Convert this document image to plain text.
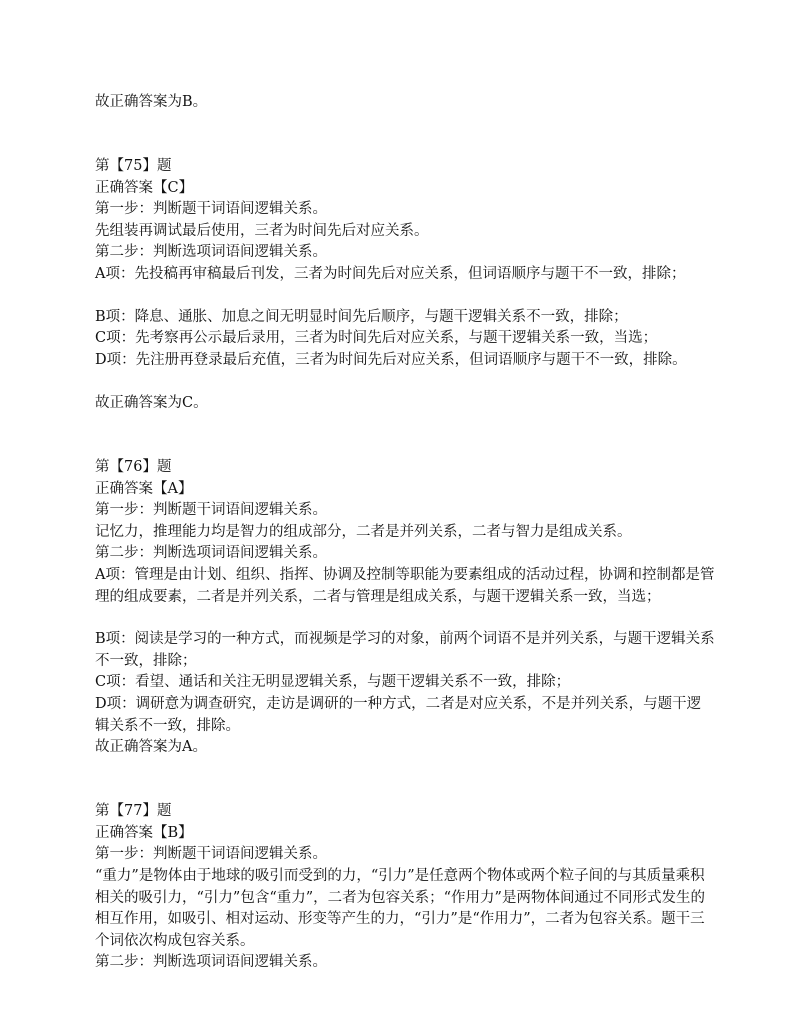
故正确答案为B。
第【75】题
正确答案【C】
第一步：判断题干词语间逻辑关系。
先组装再调试最后使用，三者为时间先后对应关系。
第二步：判断选项词语间逻辑关系。
A项：先投稿再审稿最后刊发，三者为时间先后对应关系，但词语顺序与题干不一致，排除；
B项：降息、通胀、加息之间无明显时间先后顺序，与题干逻辑关系不一致，排除；
C项：先考察再公示最后录用，三者为时间先后对应关系，与题干逻辑关系一致，当选；
D项：先注册再登录最后充值，三者为时间先后对应关系，但词语顺序与题干不一致，排除。
故正确答案为C。
第【76】题
正确答案【A】
第一步：判断题干词语间逻辑关系。
记忆力，推理能力均是智力的组成部分，二者是并列关系，二者与智力是组成关系。
第二步：判断选项词语间逻辑关系。
A项：管理是由计划、组织、指挥、协调及控制等职能为要素组成的活动过程，协调和控制都是管理的组成要素，二者是并列关系，二者与管理是组成关系，与题干逻辑关系一致，当选；
B项：阅读是学习的一种方式，而视频是学习的对象，前两个词语不是并列关系，与题干逻辑关系不一致，排除；
C项：看望、通话和关注无明显逻辑关系，与题干逻辑关系不一致，排除；
D项：调研意为调查研究，走访是调研的一种方式，二者是对应关系，不是并列关系，与题干逻辑关系不一致，排除。
故正确答案为A。
第【77】题
正确答案【B】
第一步：判断题干词语间逻辑关系。
“重力”是物体由于地球的吸引而受到的力，“引力”是任意两个物体或两个粒子间的与其质量乘积相关的吸引力，“引力”包含“重力”，二者为包容关系；“作用力”是两物体间通过不同形式发生的相互作用，如吸引、相对运动、形变等产生的力，“引力”是“作用力”，二者为包容关系。题干三个词依次构成包容关系。
第二步：判断选项词语间逻辑关系。
